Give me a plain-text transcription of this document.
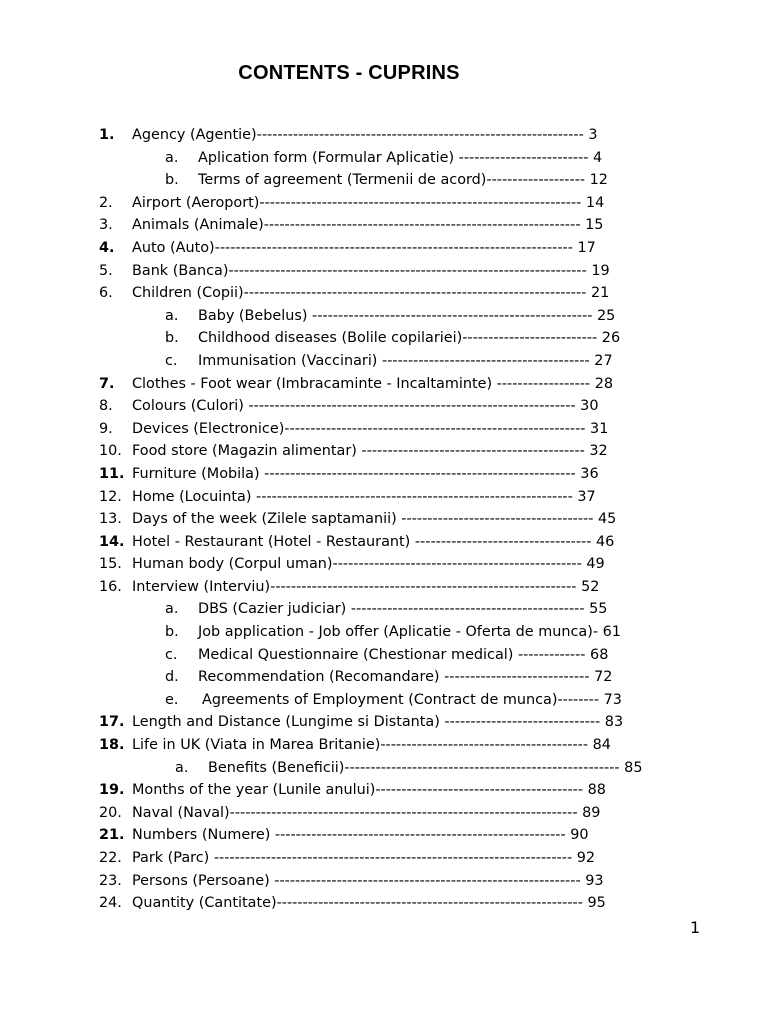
CONTENTS - CUPRINS
1.	Agency (Agentie)--------------------------------------------------------------- 3
a.	Aplication form (Formular Aplicatie) ------------------------- 4
b.	Terms of agreement (Termenii de acord)------------------- 12
2.	Airport (Aeroport)-------------------------------------------------------------- 14
3.	Animals (Animale)------------------------------------------------------------- 15
4.	Auto (Auto)--------------------------------------------------------------------- 17
5.	Bank (Banca)--------------------------------------------------------------------- 19
6.	Children (Copii)------------------------------------------------------------------ 21
a.	Baby (Bebelus) ------------------------------------------------------ 25
b.	Childhood diseases (Bolile copilariei)-------------------------- 26
c.	Immunisation (Vaccinari) ---------------------------------------- 27
7.	Clothes - Foot wear (Imbracaminte - Incaltaminte) ------------------ 28
8.	Colours (Culori) --------------------------------------------------------------- 30
9.	Devices (Electronice)---------------------------------------------------------- 31
10. Food store (Magazin alimentar) ------------------------------------------- 32
11. Furniture (Mobila) ------------------------------------------------------------ 36
12. Home (Locuinta) ------------------------------------------------------------- 37
13. Days of the week (Zilele saptamanii) ------------------------------------- 45
14. Hotel - Restaurant (Hotel - Restaurant) ---------------------------------- 46
15. Human body (Corpul uman)------------------------------------------------ 49
16. Interview (Interviu)----------------------------------------------------------- 52
a.	DBS (Cazier judiciar) --------------------------------------------- 55
b.	Job application - Job offer (Aplicatie - Oferta de munca)- 61
c.	Medical Questionnaire (Chestionar medical) ------------- 68
d.	Recommendation (Recomandare) ---------------------------- 72
e.	Agreements of Employment (Contract de munca)-------- 73
17. Length and Distance (Lungime si Distanta) ------------------------------ 83
18. Life in UK (Viata in Marea Britanie)---------------------------------------- 84
a.	Benefits (Beneficii)----------------------------------------------------- 85
19. Months of the year (Lunile anului)---------------------------------------- 88
20. Naval (Naval)------------------------------------------------------------------- 89
21. Numbers (Numere) -------------------------------------------------------- 90
22. Park (Parc) --------------------------------------------------------------------- 92
23. Persons (Persoane) ----------------------------------------------------------- 93
24. Quantity (Cantitate)----------------------------------------------------------- 95
1
